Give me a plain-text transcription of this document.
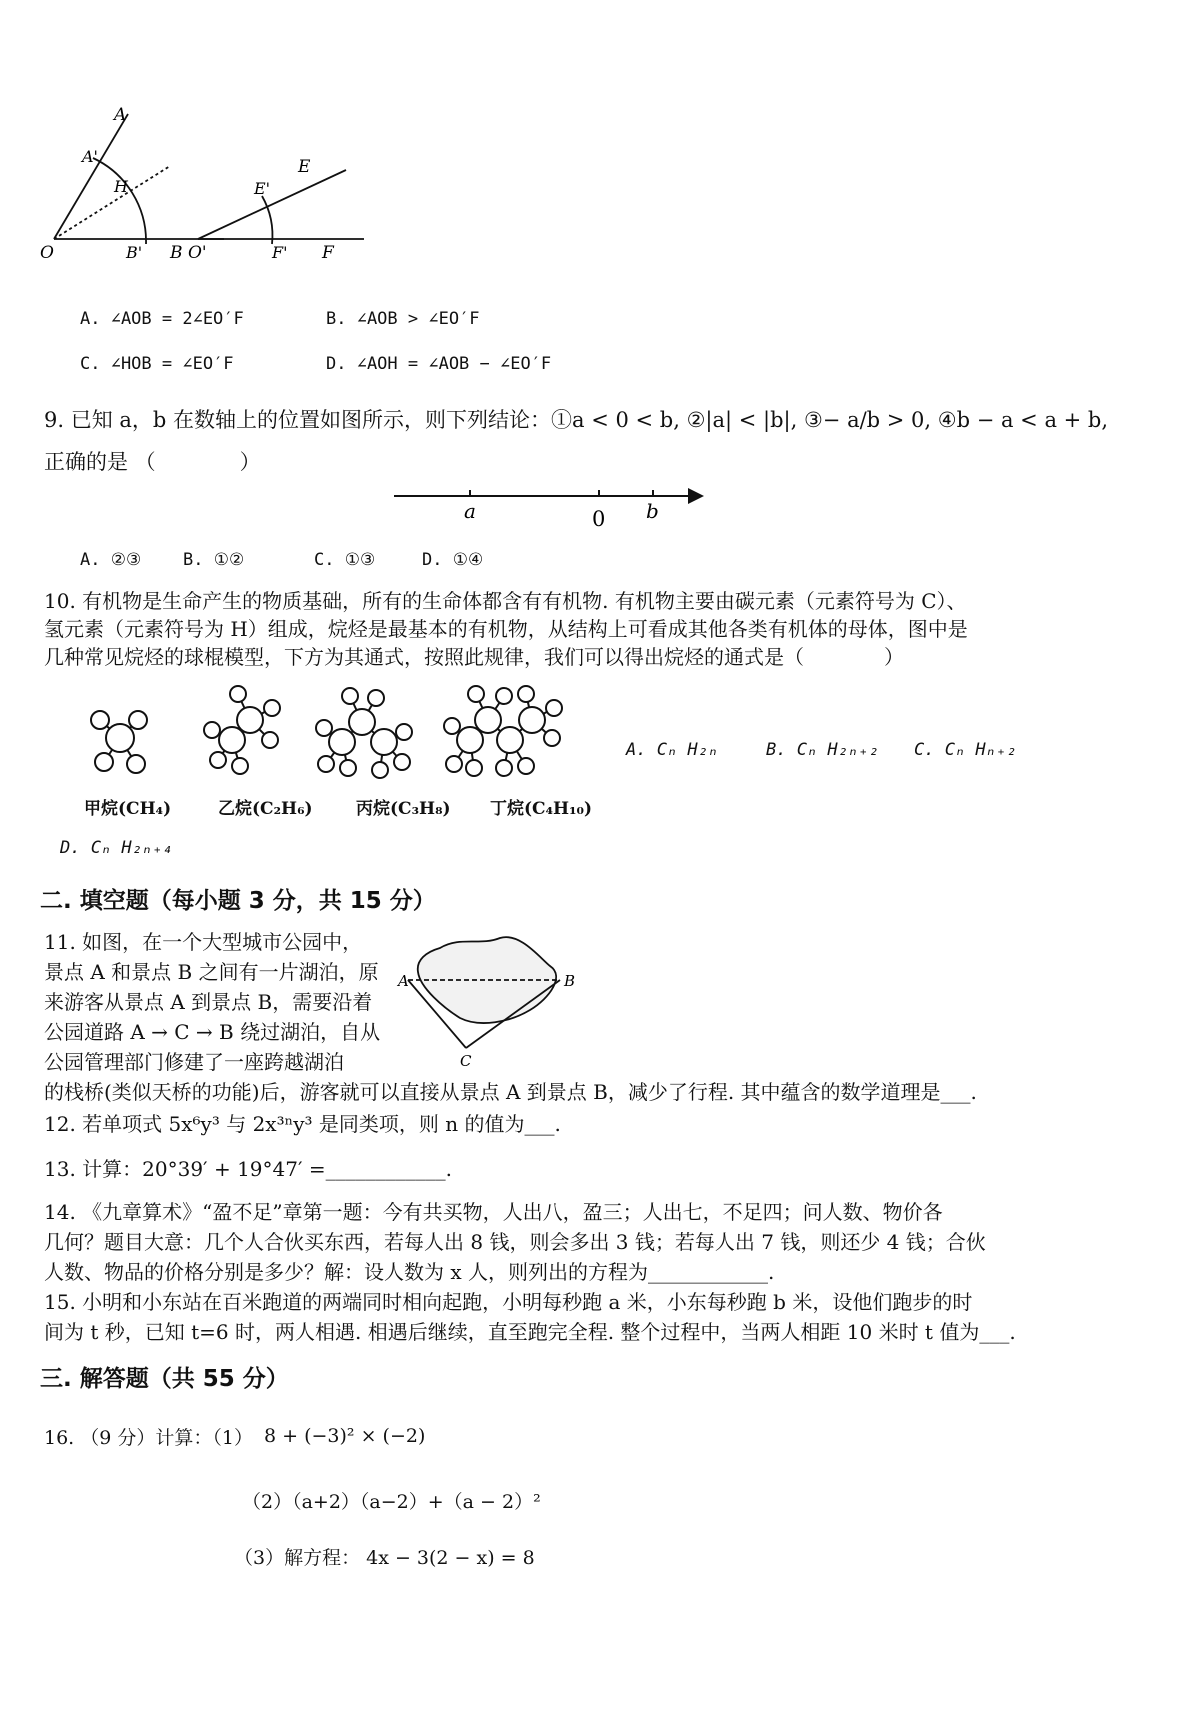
A
A'
H
O	B' B
E
E'
O'	F' F
A. ∠AOB = 2∠EO′F	B. ∠AOB > ∠EO′F
C. ∠HOB = ∠EO′F	D. ∠AOH = ∠AOB − ∠EO′F
9. 已知 a，b 在数轴上的位置如图所示，则下列结论：①a < 0 < b, ②|a| < |b|, ③− a/b > 0, ④b − a < a + b,
正确的是 （　　　　）
a	0 b
A. ②③ B. ①②	C. ①③	D. ①④
10. 有机物是生命产生的物质基础，所有的生命体都含有有机物. 有机物主要由碳元素（元素符号为 C）、
氢元素（元素符号为 H）组成，烷烃是最基本的有机物，从结构上可看成其他各类有机体的母体，图中是
几种常见烷烃的球棍模型，下方为其通式，按照此规律，我们可以得出烷烃的通式是（　　　　）
甲烷(CH₄)	乙烷(C₂H₆)	丙烷(C₃H₈) 丁烷(C₄H₁₀)
A. Cₙ H₂ₙ	B. Cₙ H₂ₙ₊₂ C. Cₙ Hₙ₊₂
D. Cₙ H₂ₙ₊₄
二. 填空题（每小题 3 分，共 15 分）
11. 如图，在一个大型城市公园中，
景点 A 和景点 B 之间有一片湖泊，原
来游客从景点 A 到景点 B，需要沿着
公园道路 A → C → B 绕过湖泊，自从
公园管理部门修建了一座跨越湖泊
的栈桥(类似天桥的功能)后，游客就可以直接从景点 A 到景点 B，减少了行程. 其中蕴含的数学道理是___.
A	B
C
12. 若单项式 5x⁶y³ 与 2x³ⁿy³ 是同类项，则 n 的值为___.
13. 计算：20°39′ + 19°47′ =____________.
14. 《九章算术》“盈不足”章第一题：今有共买物，人出八，盈三；人出七，不足四；问人数、物价各
几何？题目大意：几个人合伙买东西，若每人出 8 钱，则会多出 3 钱；若每人出 7 钱，则还少 4 钱；合伙
人数、物品的价格分别是多少？解：设人数为 x 人，则列出的方程为____________.
15. 小明和小东站在百米跑道的两端同时相向起跑，小明每秒跑 a 米，小东每秒跑 b 米，设他们跑步的时
间为 t 秒，已知 t=6 时，两人相遇. 相遇后继续，直至跑完全程. 整个过程中，当两人相距 10 米时 t 值为___.
三. 解答题（共 55 分）
16. （9 分）计算：（1） 8 + (−3)² × (−2)
（2）（a+2）（a−2）+（a − 2）²
（3）解方程： 4x − 3(2 − x) = 8
